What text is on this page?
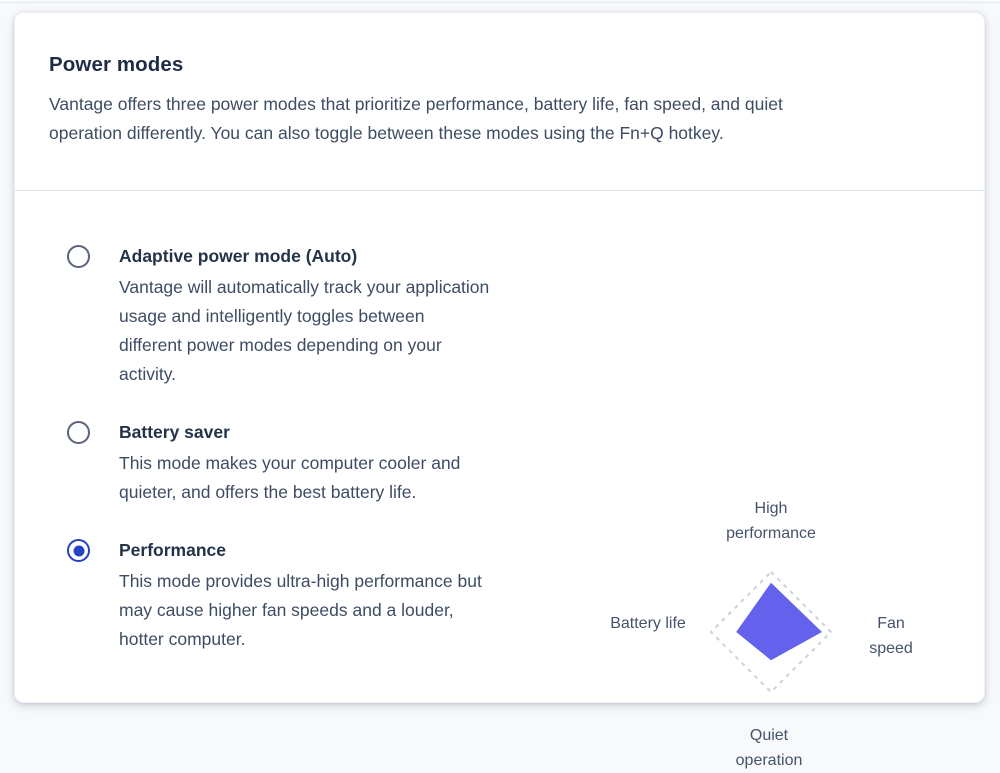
Power modes
Vantage offers three power modes that prioritize performance, battery life, fan speed, and quiet
operation differently. You can also toggle between these modes using the Fn+Q hotkey.
Adaptive power mode (Auto)
Vantage will automatically track your application
usage and intelligently toggles between
different power modes depending on your
activity.
Battery saver
This mode makes your computer cooler and
quieter, and offers the best battery life.
Performance
This mode provides ultra-high performance but
may cause higher fan speeds and a louder,
hotter computer.
High performance
Fan speed
Quiet operation
Battery life
